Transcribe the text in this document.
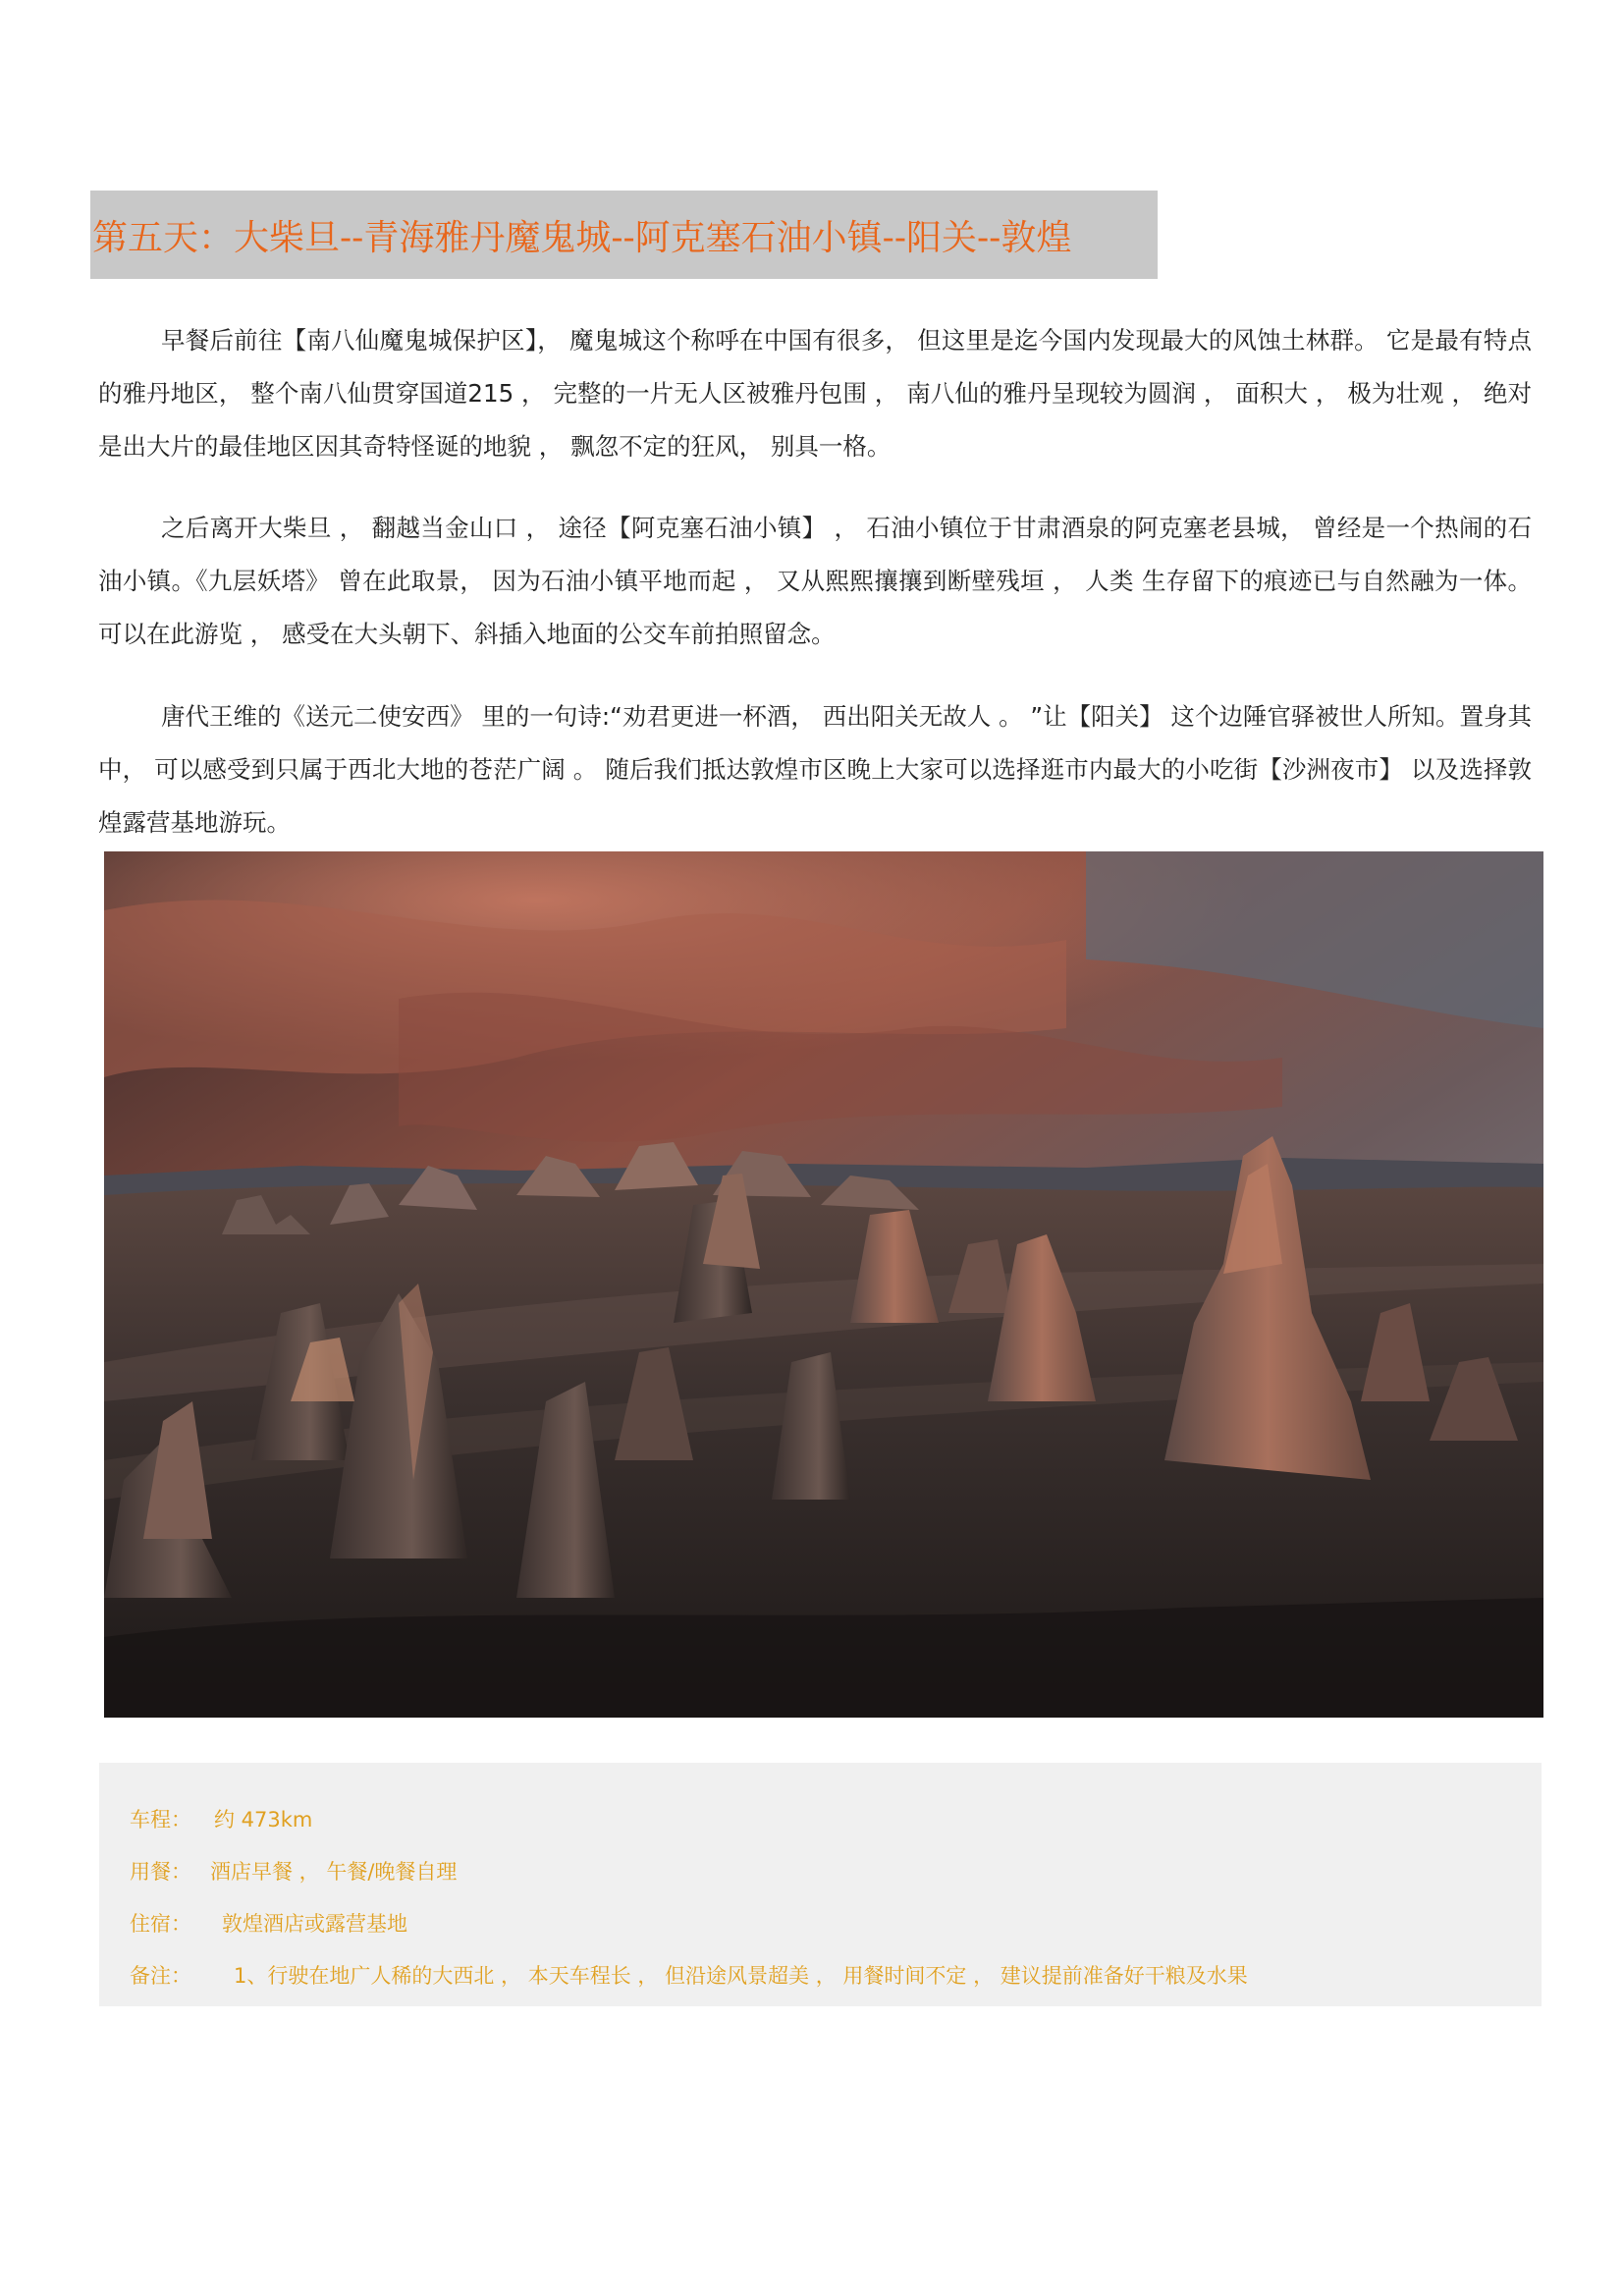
第五天：大柴旦--青海雅丹魔鬼城--阿克塞石油小镇--阳关--敦煌

早餐后前往【南八仙魔鬼城保护区】， 魔鬼城这个称呼在中国有很多， 但这里是迄今国内发现最大的风蚀土林群。 它是最有特点的雅丹地区， 整个南八仙贯穿国道215 ， 完整的一片无人区被雅丹包围 ， 南八仙的雅丹呈现较为圆润 ， 面积大 ， 极为壮观 ， 绝对是出大片的最佳地区因其奇特怪诞的地貌 ， 飘忽不定的狂风， 别具一格。

之后离开大柴旦 ， 翻越当金山口 ， 途径【阿克塞石油小镇】 ， 石油小镇位于甘肃酒泉的阿克塞老县城， 曾经是一个热闹的石油小镇。《九层妖塔》 曾在此取景， 因为石油小镇平地而起 ， 又从熙熙攘攘到断壁残垣 ， 人类 生存留下的痕迹已与自然融为一体。可以在此游览 ， 感受在大头朝下、斜插入地面的公交车前拍照留念。

唐代王维的《送元二使安西》 里的一句诗:“劝君更进一杯酒， 西出阳关无故人 。 ”让【阳关】 这个边陲官驿被世人所知。置身其中， 可以感受到只属于西北大地的苍茫广阔 。 随后我们抵达敦煌市区晚上大家可以选择逛市内最大的小吃街【沙洲夜市】 以及选择敦煌露营基地游玩。

车程： 约 473km
用餐： 酒店早餐 ， 午餐/晚餐自理
住宿： 敦煌酒店或露营基地
备注： 1、行驶在地广人稀的大西北 ， 本天车程长 ， 但沿途风景超美 ， 用餐时间不定 ， 建议提前准备好干粮及水果
